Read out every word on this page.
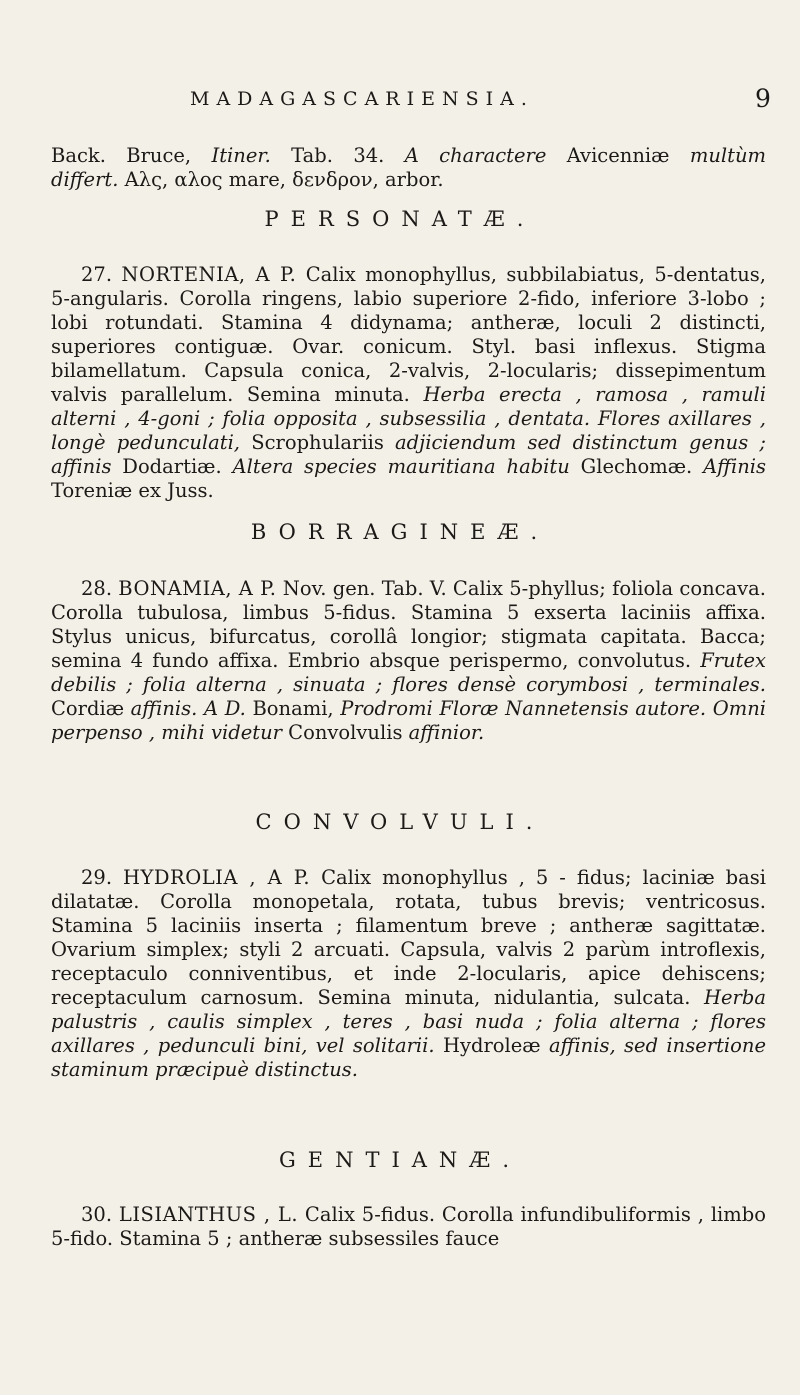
MADAGASCARIENSIA.	9
Back. Bruce, Itiner. Tab. 34. A charactere Avicenniæ multùm
differt. Αλς, αλος mare, δενδρον, arbor.
PERSONATÆ.

27. NORTENIA, A P. Calix monophyllus, subbilabiatus, 5-dentatus, 5-angularis. Corolla ringens, labio superiore 2-fido, inferiore 3-lobo ; lobi rotundati. Stamina 4 didynama; antheræ, loculi 2 distincti, superiores contiguæ. Ovar. conicum. Styl. basi inflexus. Stigma bilamellatum. Capsula conica, 2-valvis, 2-locularis; dissepimentum valvis parallelum. Semina minuta. Herba erecta , ramosa , ramuli alterni , 4-goni ; folia opposita , subsessilia , dentata. Flores axillares , longè pedunculati, Scrophulariis adjiciendum sed distinctum genus ; affinis Dodartiæ. Altera species mauritiana habitu Glechomæ. Affinis Toreniæ ex Juss.

BORRAGINEÆ.

28. BONAMIA, A P. Nov. gen. Tab. V. Calix 5-phyllus; foliola concava. Corolla tubulosa, limbus 5-fidus. Stamina 5 exserta laciniis affixa. Stylus unicus, bifurcatus, corollâ longior; stigmata capitata. Bacca; semina 4 fundo affixa. Embrio absque perispermo, convolutus. Frutex debilis ; folia alterna , sinuata ; flores densè corymbosi , terminales. Cordiæ affinis. A D. Bonami, Prodromi Floræ Nannetensis autore. Omni perpenso , mihi videtur Convolvulis affinior.

CONVOLVULI.

29. HYDROLIA , A P. Calix monophyllus , 5 - fidus; laciniæ basi dilatatæ. Corolla monopetala, rotata, tubus brevis; ventricosus. Stamina 5 laciniis inserta ; filamentum breve ; antheræ sagittatæ. Ovarium simplex; styli 2 arcuati. Capsula, valvis 2 parùm introflexis, receptaculo conniventibus, et inde 2-locularis, apice dehiscens; receptaculum carnosum. Semina minuta, nidulantia, sulcata. Herba palustris , caulis simplex , teres , basi nuda ; folia alterna ; flores axillares , pedunculi bini, vel solitarii. Hydroleæ affinis, sed insertione staminum præcipuè distinctus.

GENTIANÆ.

30. LISIANTHUS , L. Calix 5-fidus. Corolla infundibuliformis , limbo 5-fido. Stamina 5 ; antheræ subsessiles fauce
